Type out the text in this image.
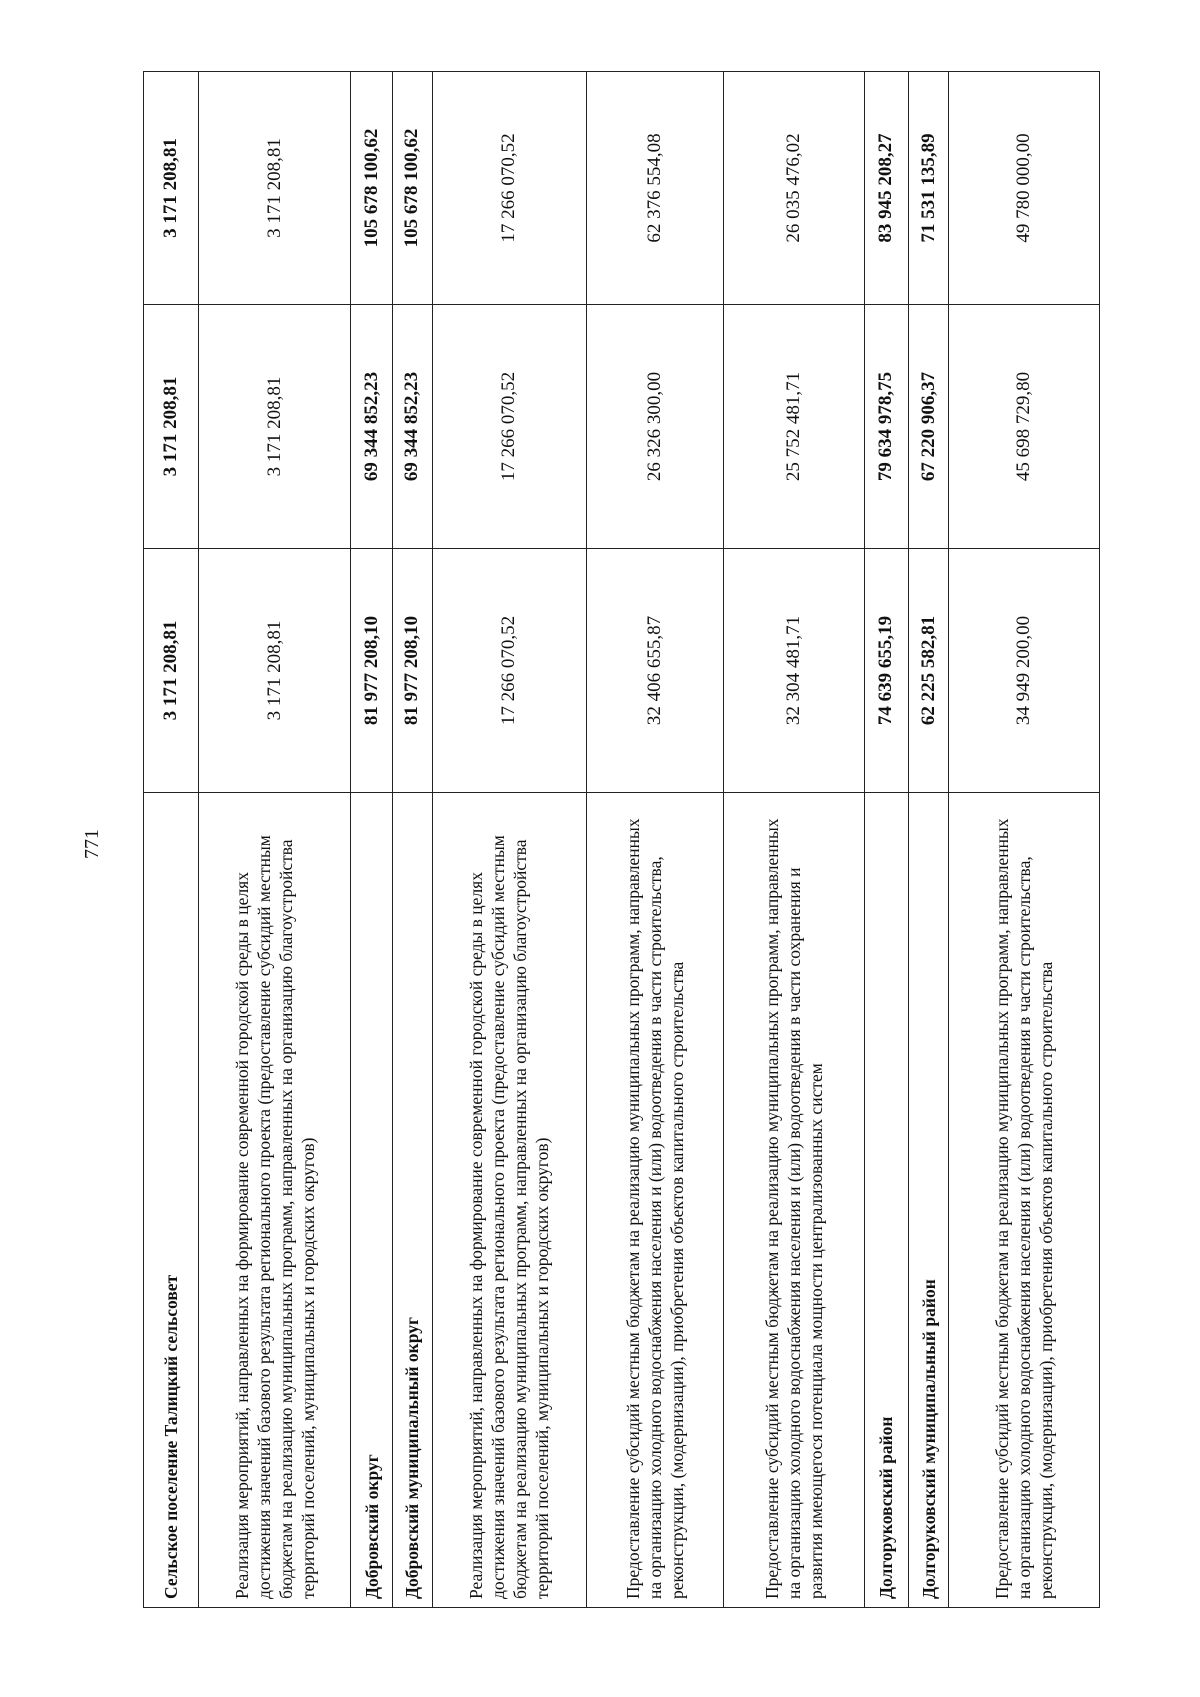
771
Сельское поселение Талицкий сельсовет	3 171 208,81	3 171 208,81	3 171 208,81
Реализация мероприятий, направленных на формирование современной городской среды в целях достижения значений базового результата регионального проекта (предоставление субсидий местным бюджетам на реализацию муниципальных программ, направленных на организацию благоустройства территорий поселений, муниципальных и городских округов)	3 171 208,81	3 171 208,81	3 171 208,81
Добровский округ	81 977 208,10	69 344 852,23	105 678 100,62
Добровский муниципальный округ	81 977 208,10	69 344 852,23	105 678 100,62
Реализация мероприятий, направленных на формирование современной городской среды в целях достижения значений базового результата регионального проекта (предоставление субсидий местным бюджетам на реализацию муниципальных программ, направленных на организацию благоустройства территорий поселений, муниципальных и городских округов)	17 266 070,52	17 266 070,52	17 266 070,52
Предоставление субсидий местным бюджетам на реализацию муниципальных программ, направленных на организацию холодного водоснабжения населения и (или) водоотведения в части строительства, реконструкции, (модернизации), приобретения объектов капитального строительства	32 406 655,87	26 326 300,00	62 376 554,08
Предоставление субсидий местным бюджетам на реализацию муниципальных программ, направленных на организацию холодного водоснабжения населения и (или) водоотведения в части сохранения и развития имеющегося потенциала мощности централизованных систем	32 304 481,71	25 752 481,71	26 035 476,02
Долгоруковский район	74 639 655,19	79 634 978,75	83 945 208,27
Долгоруковский муниципальный район	62 225 582,81	67 220 906,37	71 531 135,89
Предоставление субсидий местным бюджетам на реализацию муниципальных программ, направленных на организацию холодного водоснабжения населения и (или) водоотведения в части строительства, реконструкции, (модернизации), приобретения объектов капитального строительства	34 949 200,00	45 698 729,80	49 780 000,00
